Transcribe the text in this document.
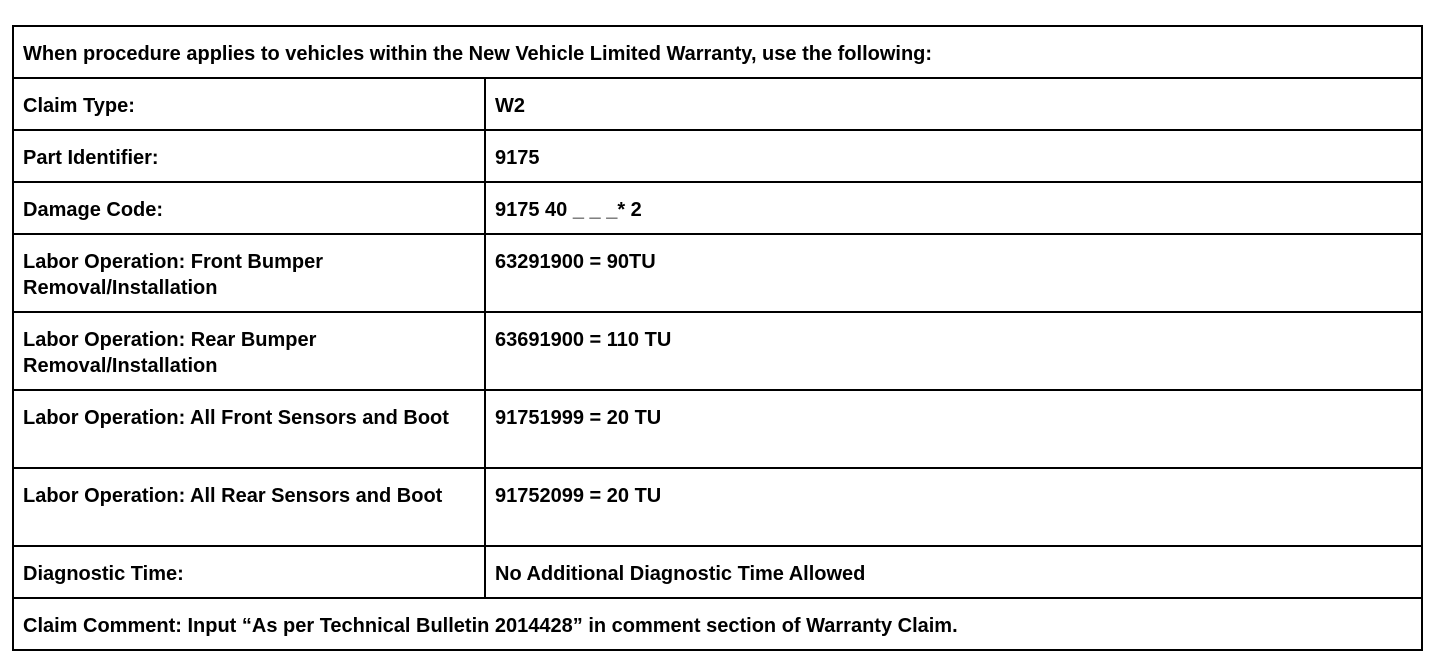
When procedure applies to vehicles within the New Vehicle Limited Warranty, use the following:	

Claim Type:	W2

Part Identifier:	9175

Damage Code:	9175 40 _ _ _* 2

Labor Operation: Front Bumper Removal/Installation	63291900 = 90TU

Labor Operation: Rear Bumper Removal/Installation	63691900 = 110 TU

Labor Operation: All Front Sensors and Boot	91751999 = 20 TU

Labor Operation: All Rear Sensors and Boot	91752099 = 20 TU

Diagnostic Time:	No Additional Diagnostic Time Allowed

Claim Comment: Input “As per Technical Bulletin 2014428” in comment section of Warranty Claim.	
